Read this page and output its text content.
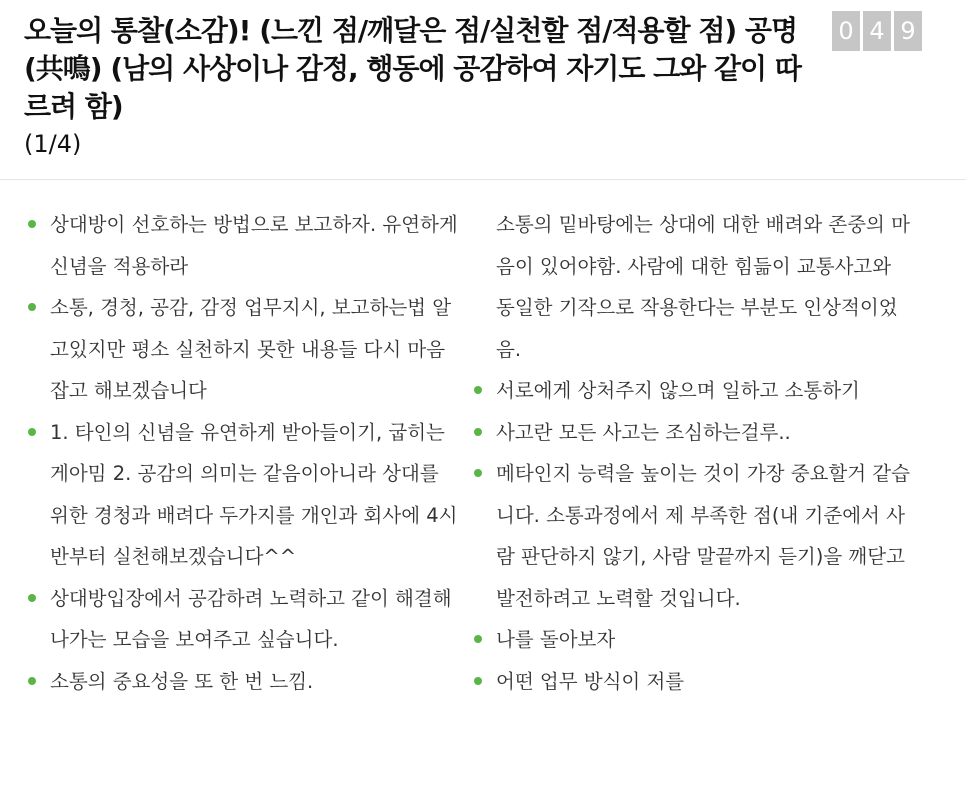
오늘의 통찰(소감)! (느낀 점/깨달은 점/실천할 점/적용할 점) 공명(共鳴) (남의 사상이나 감정, 행동에 공감하여 자기도 그와 같이 따르려 함)
(1/4)
0 4 9
상대방이 선호하는 방법으로 보고하자. 유연하게 신념을 적용하라
소통, 경청, 공감, 감정 업무지시, 보고하는법 알고있지만 평소 실천하지 못한 내용들 다시 마음잡고 해보겠습니다
1. 타인의 신념을 유연하게 받아들이기, 굽히는게아밈 2. 공감의 의미는 같음이아니라 상대를 위한 경청과 배려다 두가지를 개인과 회사에 4시반부터 실천해보겠습니다^^
상대방입장에서 공감하려 노력하고 같이 해결해나가는 모습을 보여주고 싶습니다.
소통의 중요성을 또 한 번 느낌.
소통의 밑바탕에는 상대에 대한 배려와 존중의 마음이 있어야함. 사람에 대한 힘듦이 교통사고와 동일한 기작으로 작용한다는 부분도 인상적이었음.
서로에게 상처주지 않으며 일하고 소통하기
사고란 모든 사고는 조심하는걸루..
메타인지 능력을 높이는 것이 가장 중요할거 같습니다. 소통과정에서 제 부족한 점(내 기준에서 사람 판단하지 않기, 사람 말끝까지 듣기)을 깨닫고 발전하려고 노력할 것입니다.
나를 돌아보자
어떤 업무 방식이 저를
